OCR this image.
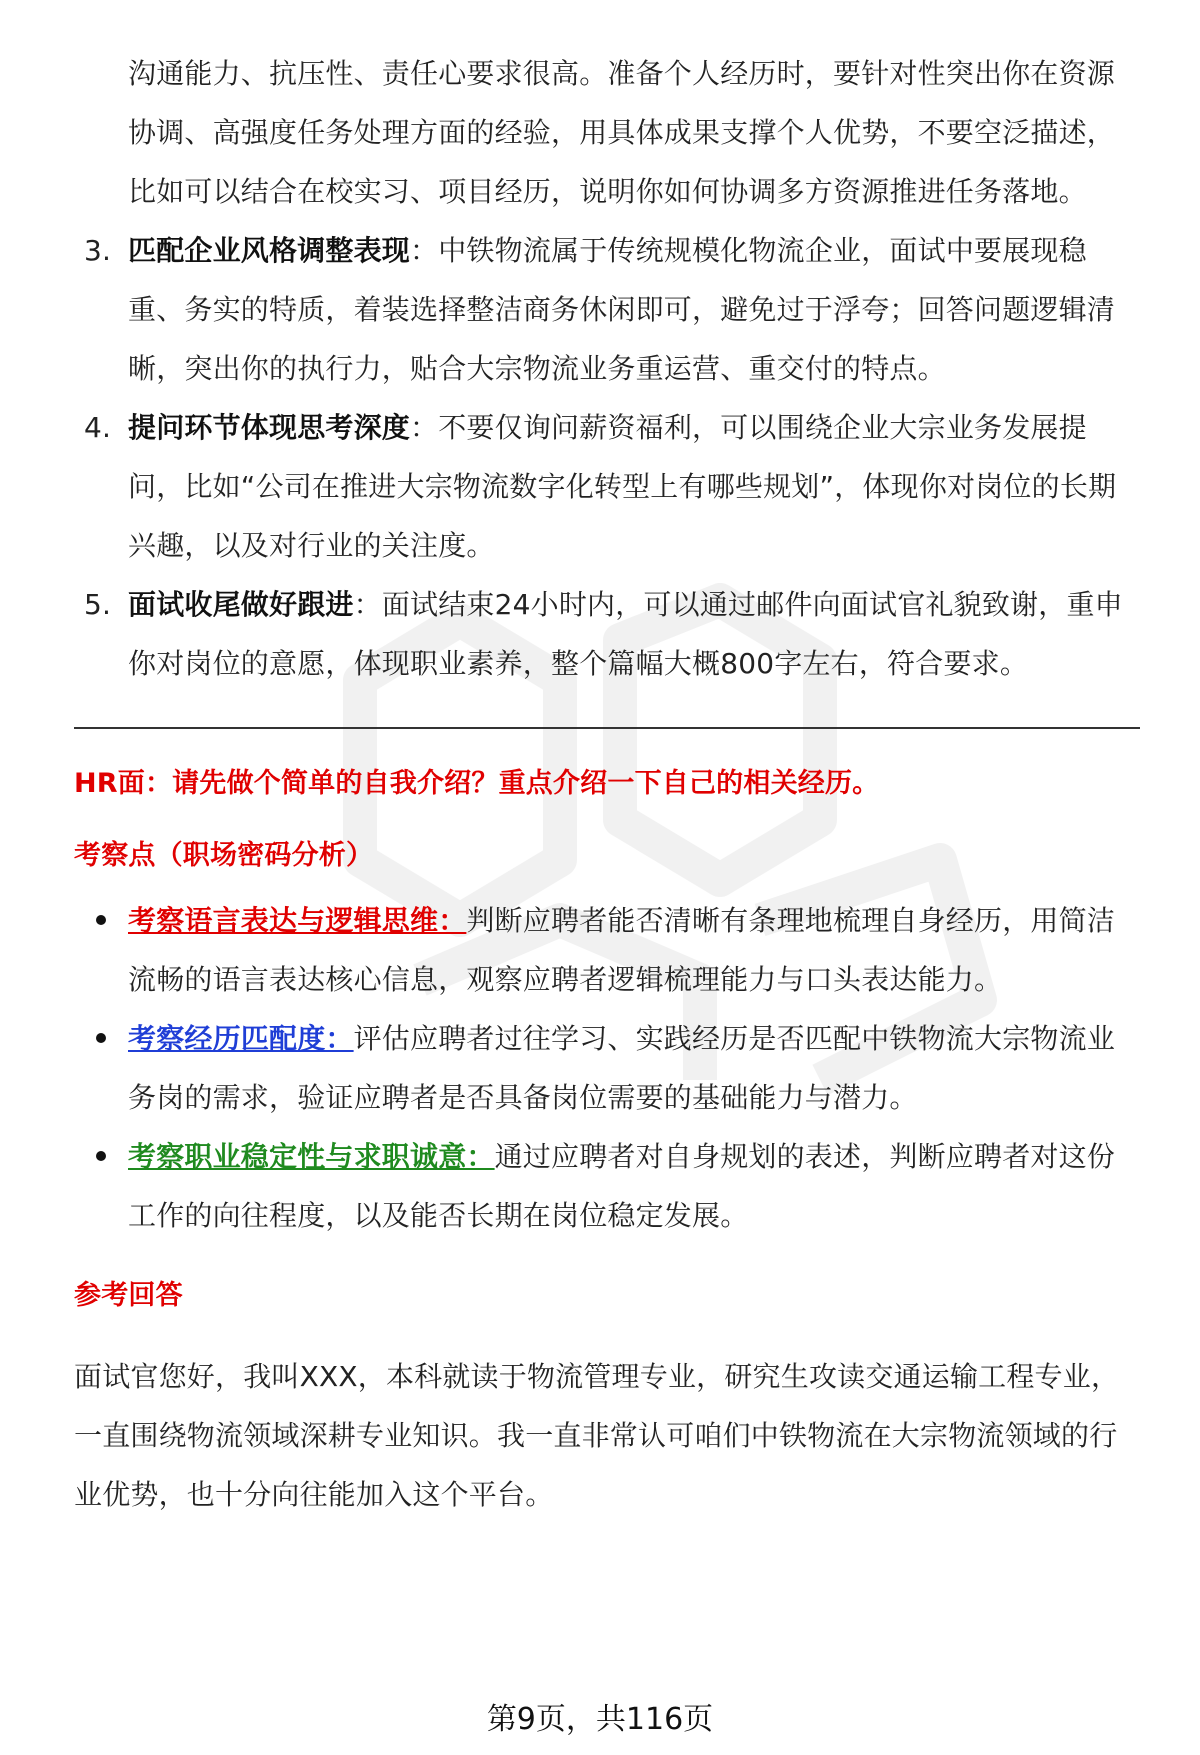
沟通能力、抗压性、责任心要求很高。准备个人经历时，要针对性突出你在资源协调、高强度任务处理方面的经验，用具体成果支撑个人优势，不要空泛描述，比如可以结合在校实习、项目经历，说明你如何协调多方资源推进任务落地。
3. 匹配企业风格调整表现：中铁物流属于传统规模化物流企业，面试中要展现稳重、务实的特质，着装选择整洁商务休闲即可，避免过于浮夸；回答问题逻辑清晰，突出你的执行力，贴合大宗物流业务重运营、重交付的特点。
4. 提问环节体现思考深度：不要仅询问薪资福利，可以围绕企业大宗业务发展提问，比如“公司在推进大宗物流数字化转型上有哪些规划”，体现你对岗位的长期兴趣，以及对行业的关注度。
5. 面试收尾做好跟进：面试结束24小时内，可以通过邮件向面试官礼貌致谢，重申你对岗位的意愿，体现职业素养，整个篇幅大概800字左右，符合要求。
HR面：请先做个简单的自我介绍？重点介绍一下自己的相关经历。
考察点（职场密码分析）
考察语言表达与逻辑思维：判断应聘者能否清晰有条理地梳理自身经历，用简洁流畅的语言表达核心信息，观察应聘者逻辑梳理能力与口头表达能力。
考察经历匹配度：评估应聘者过往学习、实践经历是否匹配中铁物流大宗物流业务岗的需求，验证应聘者是否具备岗位需要的基础能力与潜力。
考察职业稳定性与求职诚意：通过应聘者对自身规划的表述，判断应聘者对这份工作的向往程度，以及能否长期在岗位稳定发展。
参考回答
面试官您好，我叫XXX，本科就读于物流管理专业，研究生攻读交通运输工程专业，一直围绕物流领域深耕专业知识。我一直非常认可咱们中铁物流在大宗物流领域的行业优势，也十分向往能加入这个平台。
第9页，共116页
